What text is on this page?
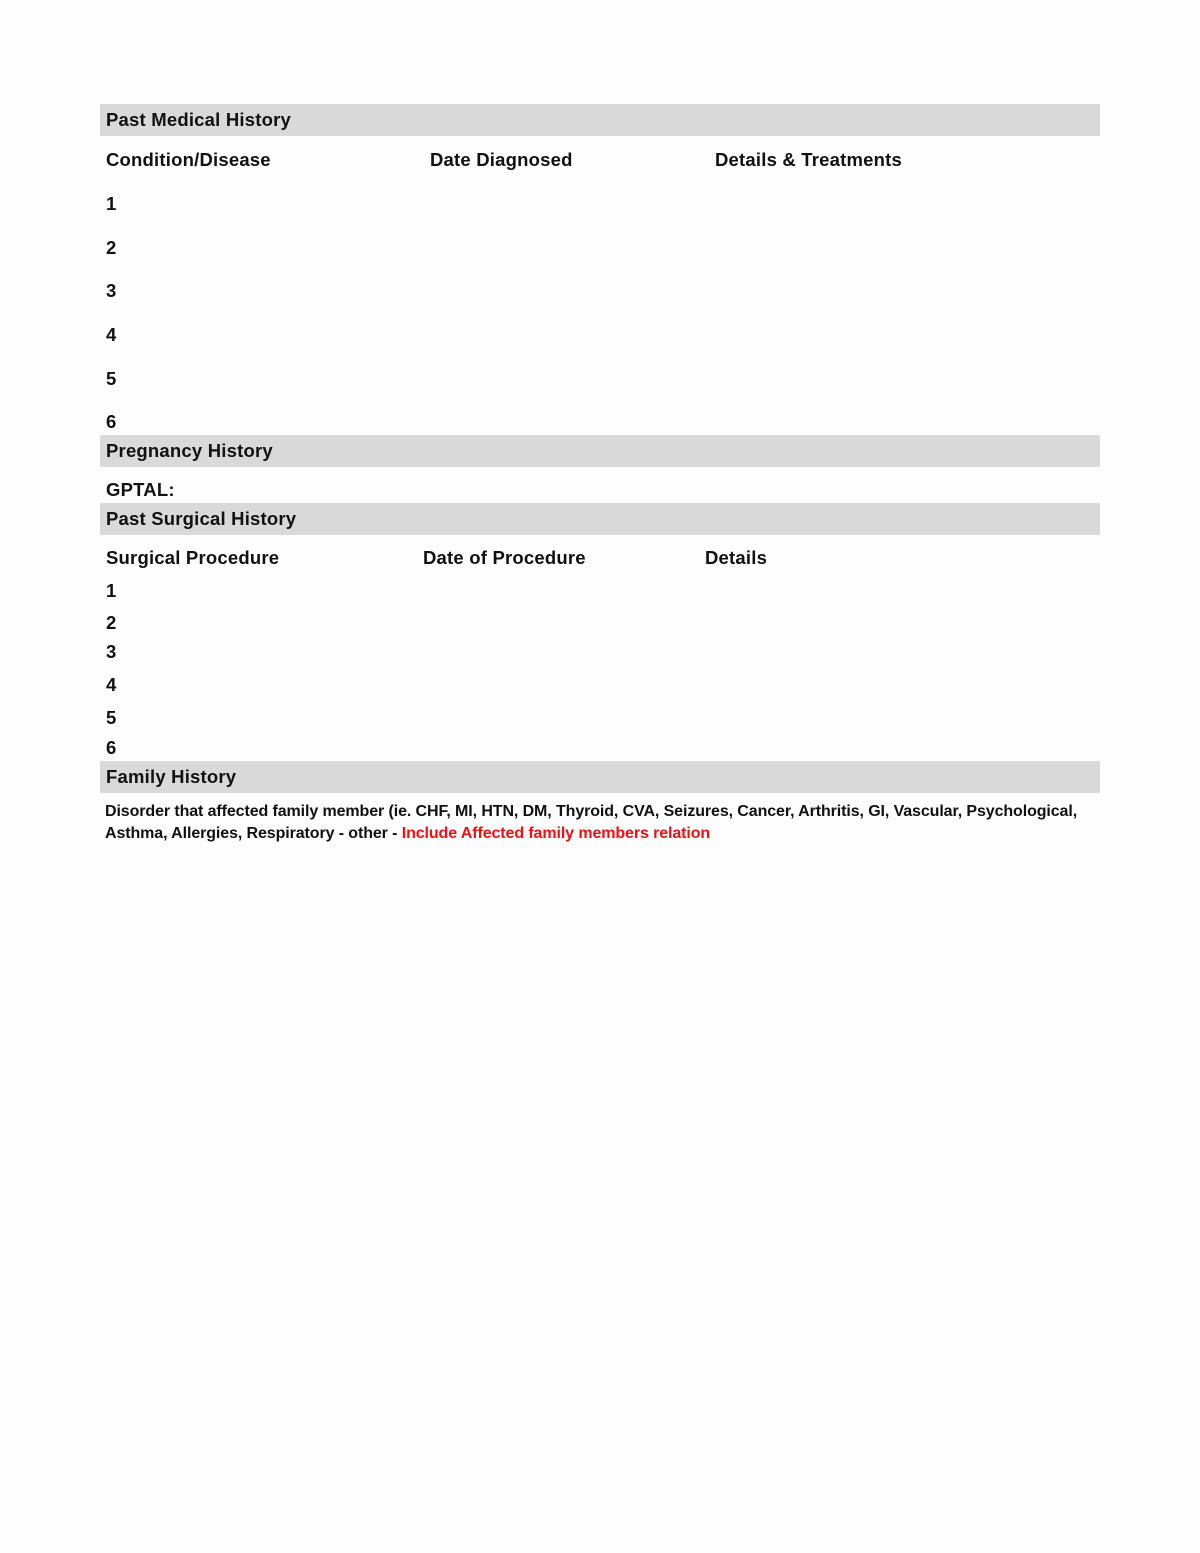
Past Medical History
Condition/Disease	Date Diagnosed	Details & Treatments
1
2
3
4
5
6
Pregnancy History
GPTAL:
Past Surgical History
Surgical Procedure	Date of Procedure	Details
1
2
3
4
5
6
Family History
Disorder that affected family member (ie. CHF, MI, HTN, DM, Thyroid, CVA, Seizures, Cancer, Arthritis, GI, Vascular, Psychological, Asthma, Allergies, Respiratory - other - Include Affected family members relation
